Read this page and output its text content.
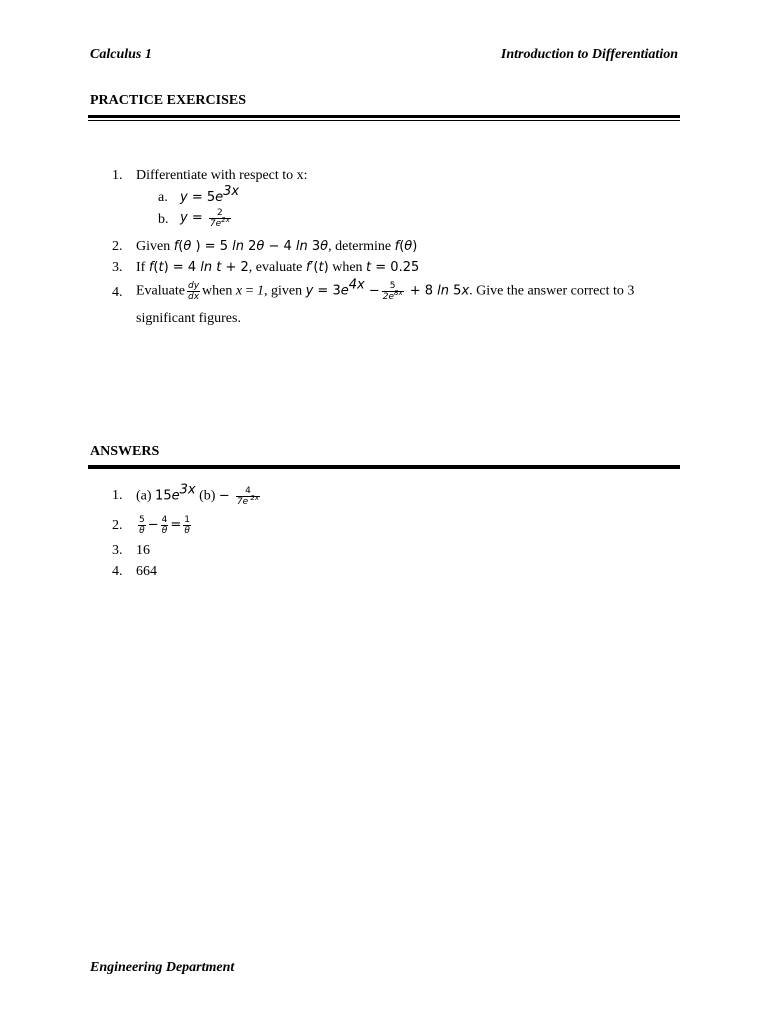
Calculus 1	Introduction to Differentiation
PRACTICE EXERCISES
1. Differentiate with respect to x:
a. $y = 5e^{3x}$
b. $y = \frac{2}{7e^{2x}}$
2. Given f(θ ) = 5 ln 2θ − 4 ln 3θ, determine f(θ)
3. If f(t) = 4 ln t + 2, evaluate f′(t) when t = 0.25
4. Evaluate $\frac{dy}{dx}$ when x = 1, given $y = 3e^{4x} - \frac{5}{2e^{8x}} + 8$ ln 5x. Give the answer correct to 3
significant figures.
ANSWERS
1. (a) $15e^{3x}$ $(b) - \frac{4}{7e ^{2x}}$
2. $\frac{5}{\theta} - \frac{4}{\theta} = \frac{1}{\theta}$
3. 16
4. 664
Engineering Department
